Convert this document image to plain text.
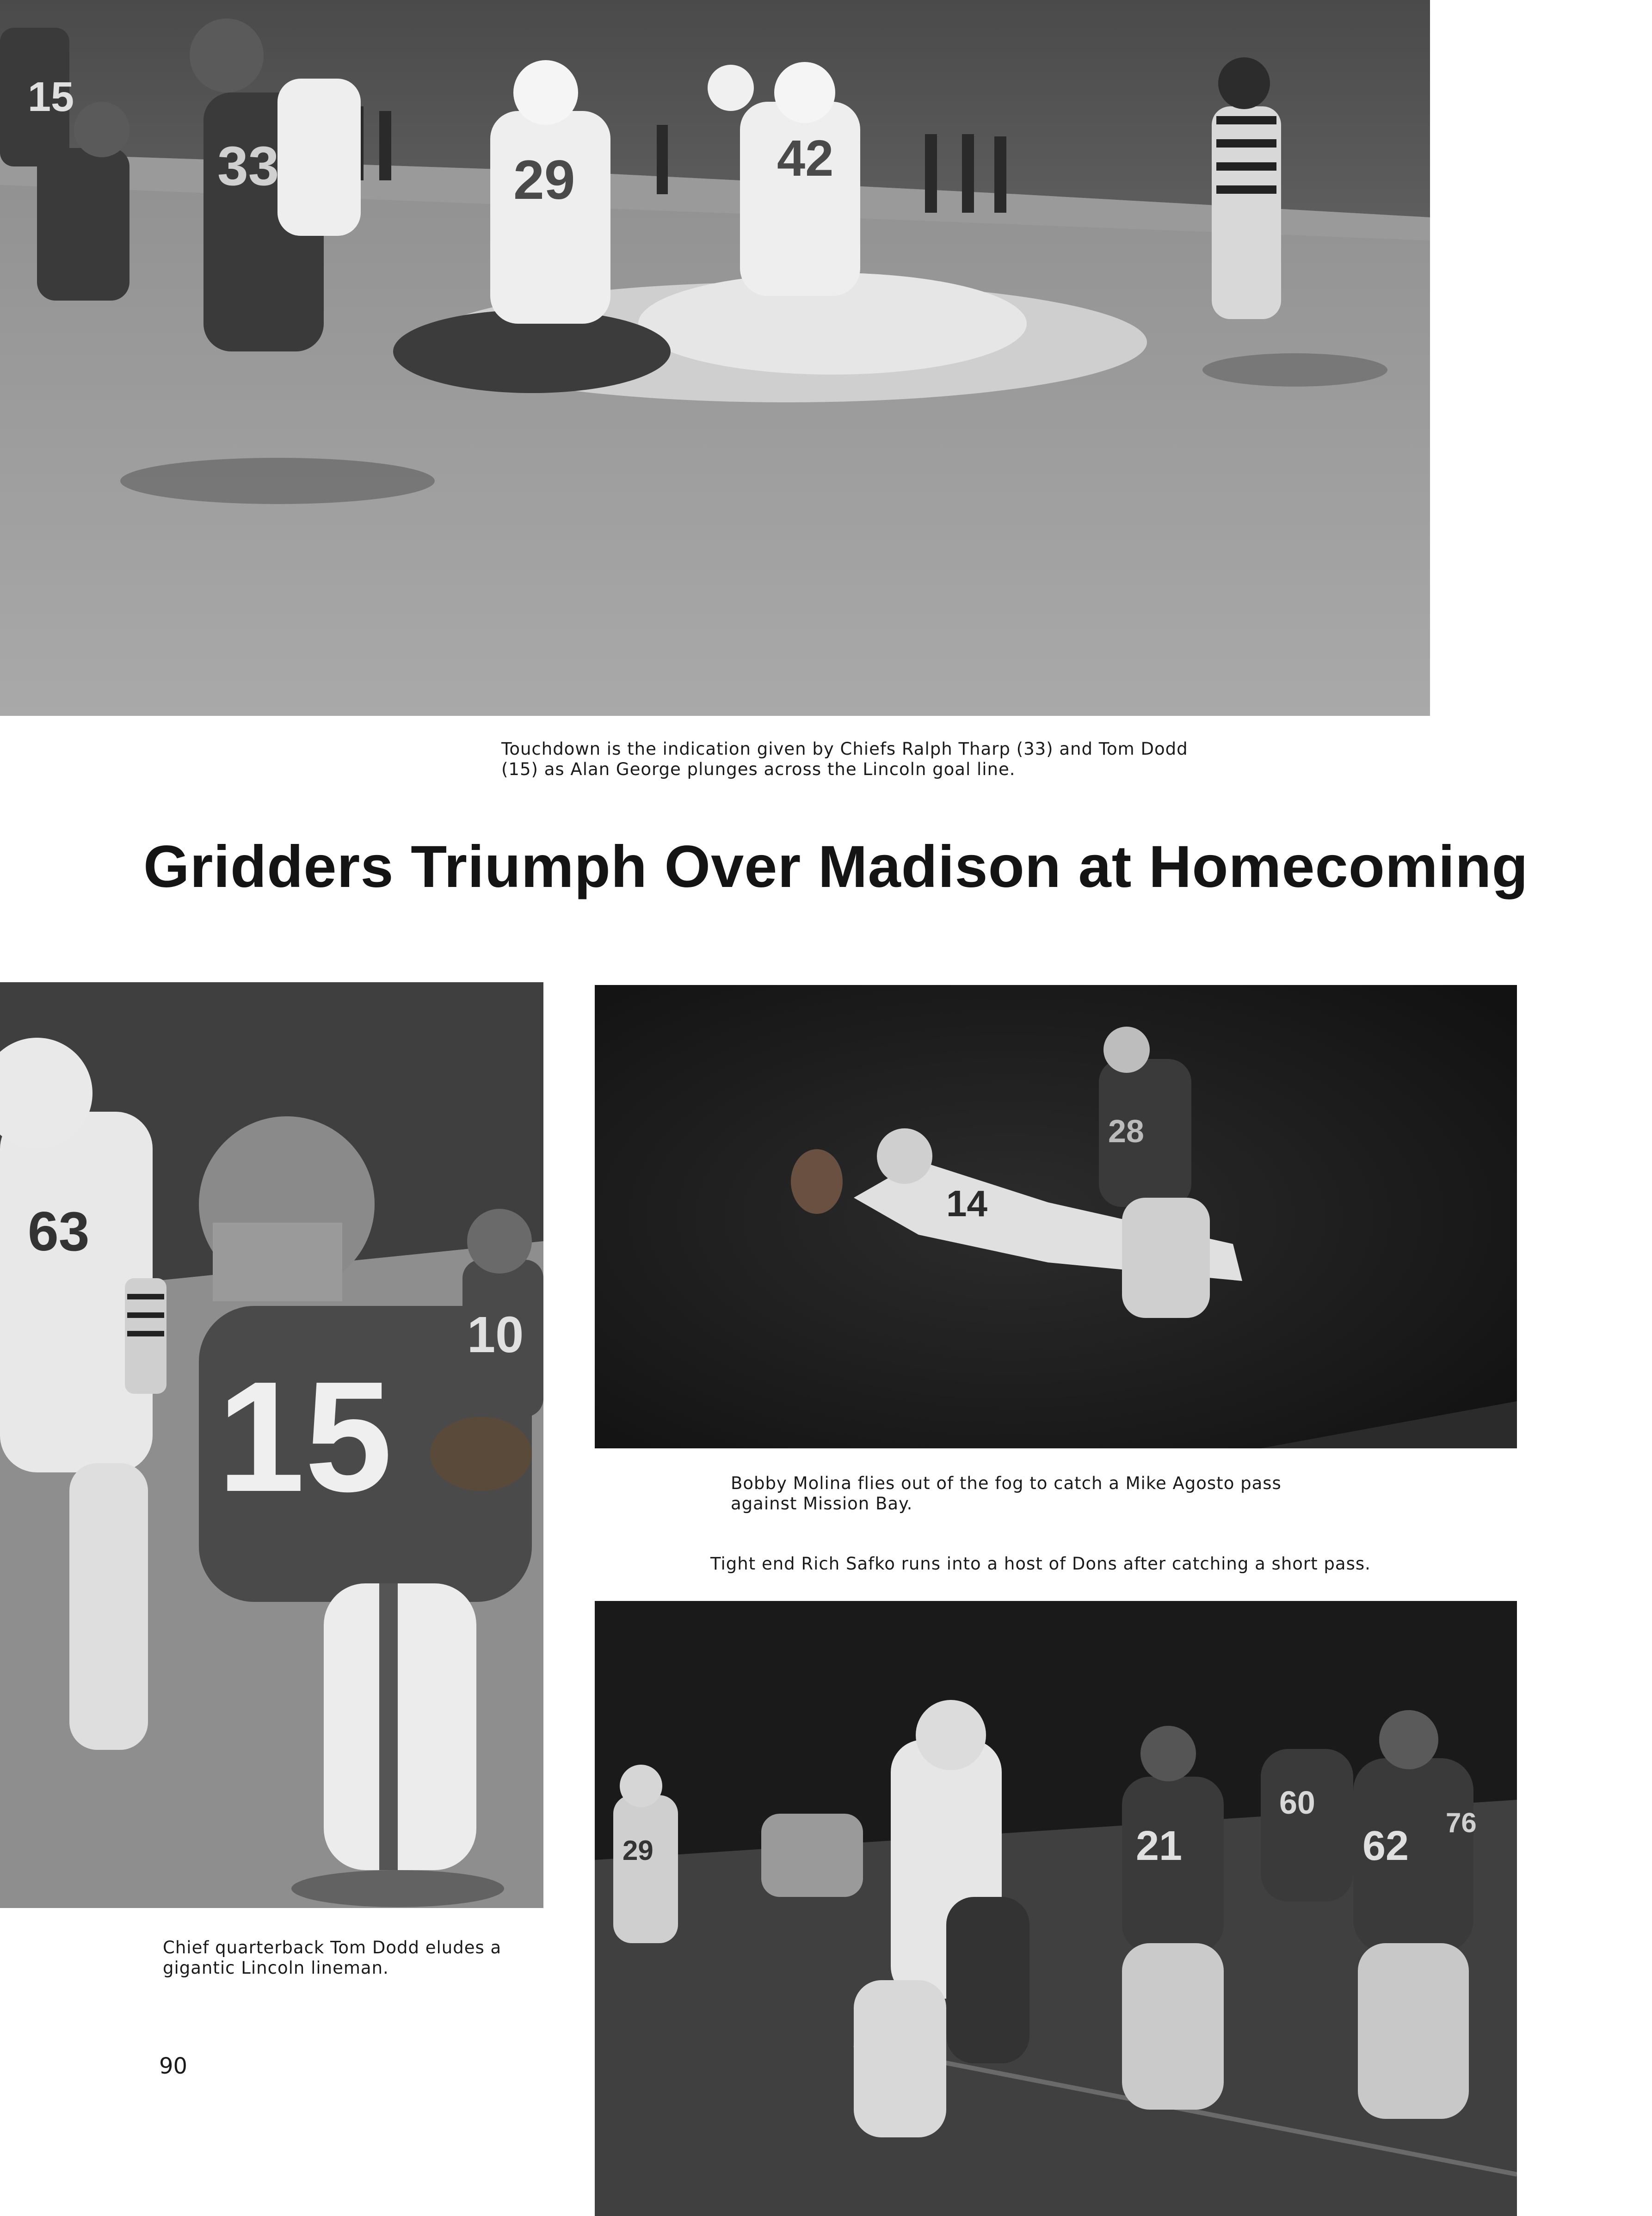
15
33	29	42

Touchdown is the indication given by Chiefs Ralph Tharp (33) and Tom Dodd
(15) as Alan George plunges across the Lincoln goal line.

Gridders Triumph Over Madison at Homecoming
63
15
10

Chief quarterback Tom Dodd eludes a
gigantic Lincoln lineman.

90

14
28

Bobby Molina flies out of the fog to catch a Mike Agosto pass
against Mission Bay.

Tight end Rich Safko runs into a host of Dons after catching a short pass.

29	21
60
62
76
